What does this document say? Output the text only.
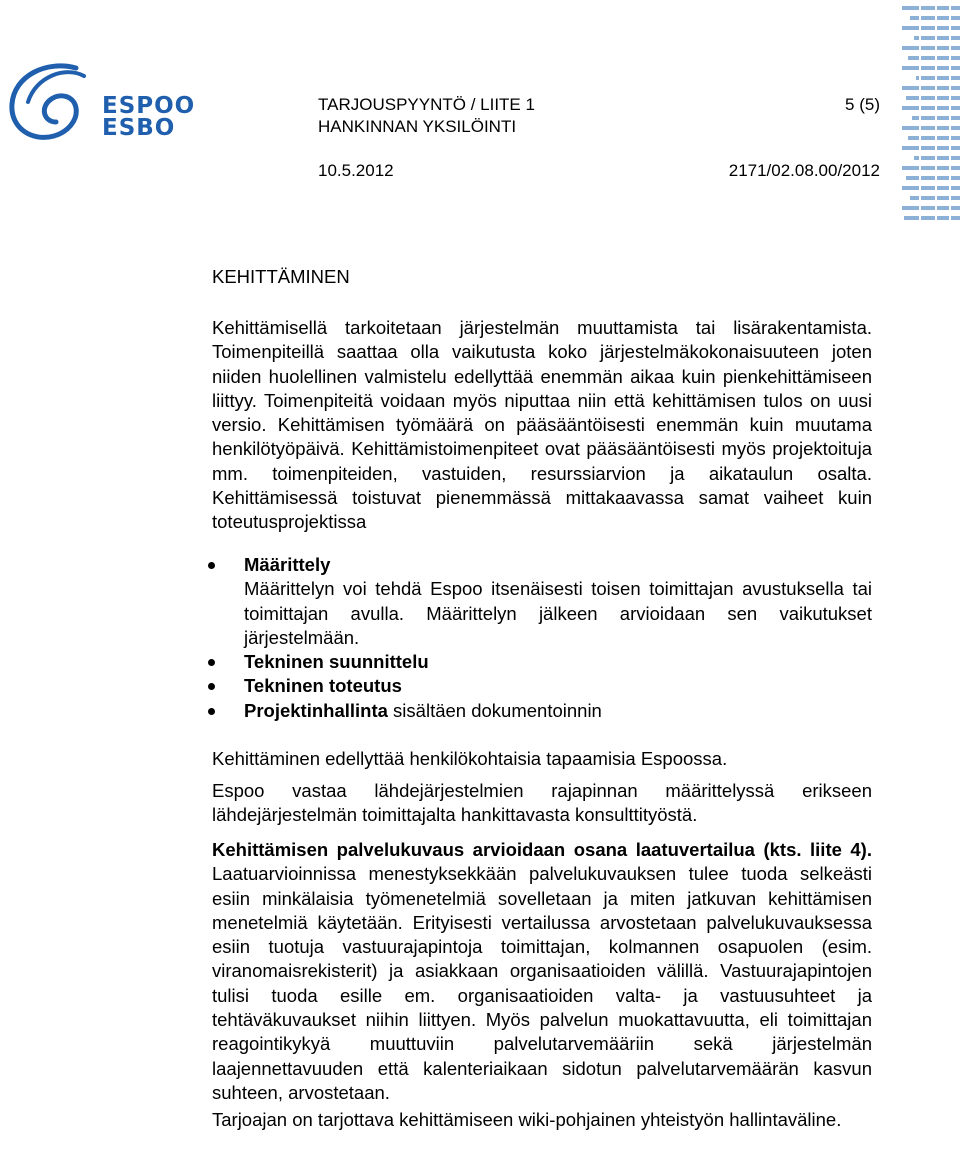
ESPOO
ESBO
TARJOUSPYYNTÖ / LIITE 1	5 (5)
HANKINNAN YKSILÖINTI
10.5.2012	2171/02.08.00/2012
KEHITTÄMINEN

Kehittämisellä tarkoitetaan järjestelmän muuttamista tai lisärakentamista. Toimenpiteillä saattaa olla vaikutusta koko järjestelmäkokonaisuuteen joten niiden huolellinen valmistelu edellyttää enemmän aikaa kuin pienkehittämiseen liittyy. Toimenpiteitä voidaan myös niputtaa niin että kehittämisen tulos on uusi versio. Kehittämisen työmäärä on pääsääntöisesti enemmän kuin muutama henkilötyöpäivä. Kehittämistoimenpiteet ovat pääsääntöisesti myös projektoituja mm. toimenpiteiden, vastuiden, resurssiarvion ja aikataulun osalta. Kehittämisessä toistuvat pienemmässä mittakaavassa samat vaiheet kuin toteutusprojektissa

Määrittely
Määrittelyn voi tehdä Espoo itsenäisesti toisen toimittajan avustuksella tai toimittajan avulla. Määrittelyn jälkeen arvioidaan sen vaikutukset järjestelmään.
Tekninen suunnittelu
Tekninen toteutus
Projektinhallinta sisältäen dokumentoinnin

Kehittäminen edellyttää henkilökohtaisia tapaamisia Espoossa.

Espoo vastaa lähdejärjestelmien rajapinnan määrittelyssä erikseen lähdejärjestelmän toimittajalta hankittavasta konsulttityöstä.

Kehittämisen palvelukuvaus arvioidaan osana laatuvertailua (kts. liite 4). Laatuarvioinnissa menestyksekkään palvelukuvauksen tulee tuoda selkeästi esiin minkälaisia työmenetelmiä sovelletaan ja miten jatkuvan kehittämisen menetelmiä käytetään. Erityisesti vertailussa arvostetaan palvelukuvauksessa esiin tuotuja vastuurajapintoja toimittajan, kolmannen osapuolen (esim. viranomaisrekisterit) ja asiakkaan organisaatioiden välillä. Vastuurajapintojen tulisi tuoda esille em. organisaatioiden valta- ja vastuusuhteet ja tehtäväkuvaukset niihin liittyen. Myös palvelun muokattavuutta, eli toimittajan reagointikykyä muuttuviin palvelutarvemääriin sekä järjestelmän laajennettavuuden että kalenteriaikaan sidotun palvelutarvemäärän kasvun suhteen, arvostetaan.

Tarjoajan on tarjottava kehittämiseen wiki-pohjainen yhteistyön hallintaväline.
